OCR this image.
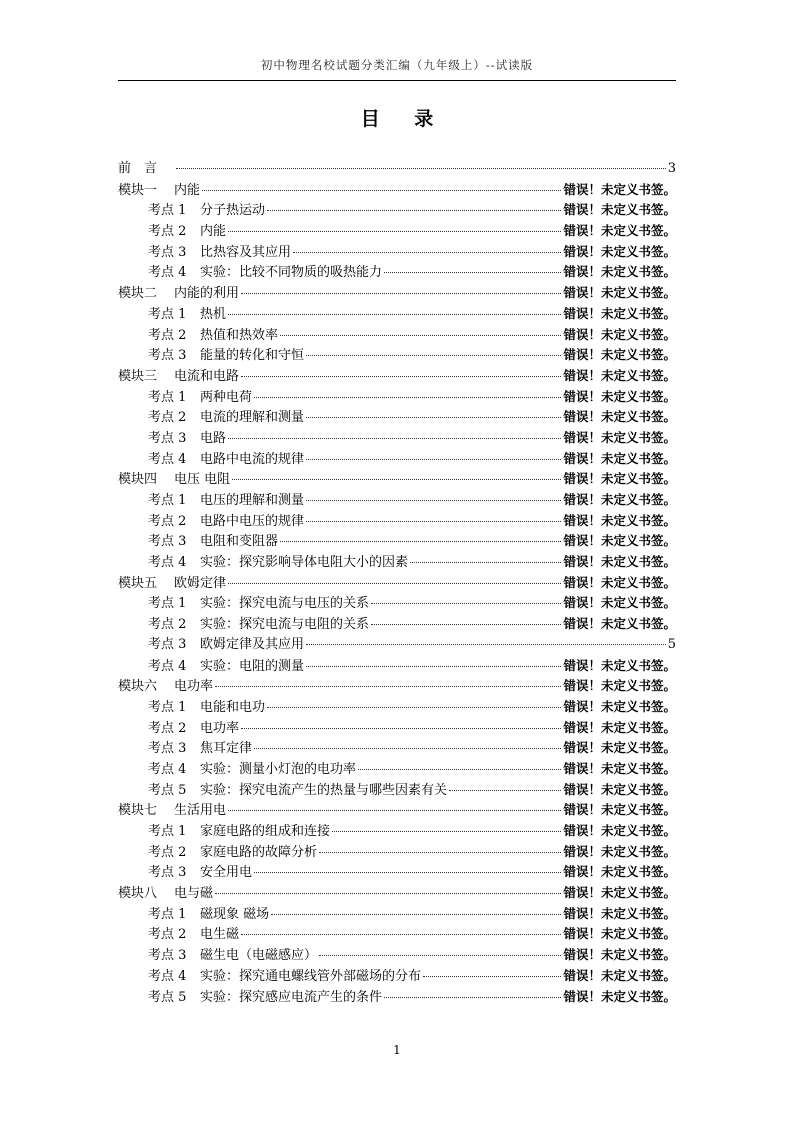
初中物理名校试题分类汇编（九年级上）--试读版
目 录
前　言	3
模块一	内能	错误！未定义书签。
考点 1	分子热运动	错误！未定义书签。
考点 2	内能	错误！未定义书签。
考点 3	比热容及其应用	错误！未定义书签。
考点 4	实验：比较不同物质的吸热能力	错误！未定义书签。
模块二	内能的利用	错误！未定义书签。
考点 1	热机	错误！未定义书签。
考点 2	热值和热效率	错误！未定义书签。
考点 3	能量的转化和守恒	错误！未定义书签。
模块三	电流和电路	错误！未定义书签。
考点 1	两种电荷	错误！未定义书签。
考点 2	电流的理解和测量	错误！未定义书签。
考点 3	电路	错误！未定义书签。
考点 4	电路中电流的规律	错误！未定义书签。
模块四	电压 电阻	错误！未定义书签。
考点 1	电压的理解和测量	错误！未定义书签。
考点 2	电路中电压的规律	错误！未定义书签。
考点 3	电阻和变阻器	错误！未定义书签。
考点 4	实验：探究影响导体电阻大小的因素	错误！未定义书签。
模块五	欧姆定律	错误！未定义书签。
考点 1	实验：探究电流与电压的关系	错误！未定义书签。
考点 2	实验：探究电流与电阻的关系	错误！未定义书签。
考点 3	欧姆定律及其应用	5
考点 4	实验：电阻的测量	错误！未定义书签。
模块六	电功率	错误！未定义书签。
考点 1	电能和电功	错误！未定义书签。
考点 2	电功率	错误！未定义书签。
考点 3	焦耳定律	错误！未定义书签。
考点 4	实验：测量小灯泡的电功率	错误！未定义书签。
考点 5	实验：探究电流产生的热量与哪些因素有关	错误！未定义书签。
模块七	生活用电	错误！未定义书签。
考点 1	家庭电路的组成和连接	错误！未定义书签。
考点 2	家庭电路的故障分析	错误！未定义书签。
考点 3	安全用电	错误！未定义书签。
模块八	电与磁	错误！未定义书签。
考点 1	磁现象 磁场	错误！未定义书签。
考点 2	电生磁	错误！未定义书签。
考点 3	磁生电（电磁感应）	错误！未定义书签。
考点 4	实验：探究通电螺线管外部磁场的分布	错误！未定义书签。
考点 5	实验：探究感应电流产生的条件	错误！未定义书签。
1
